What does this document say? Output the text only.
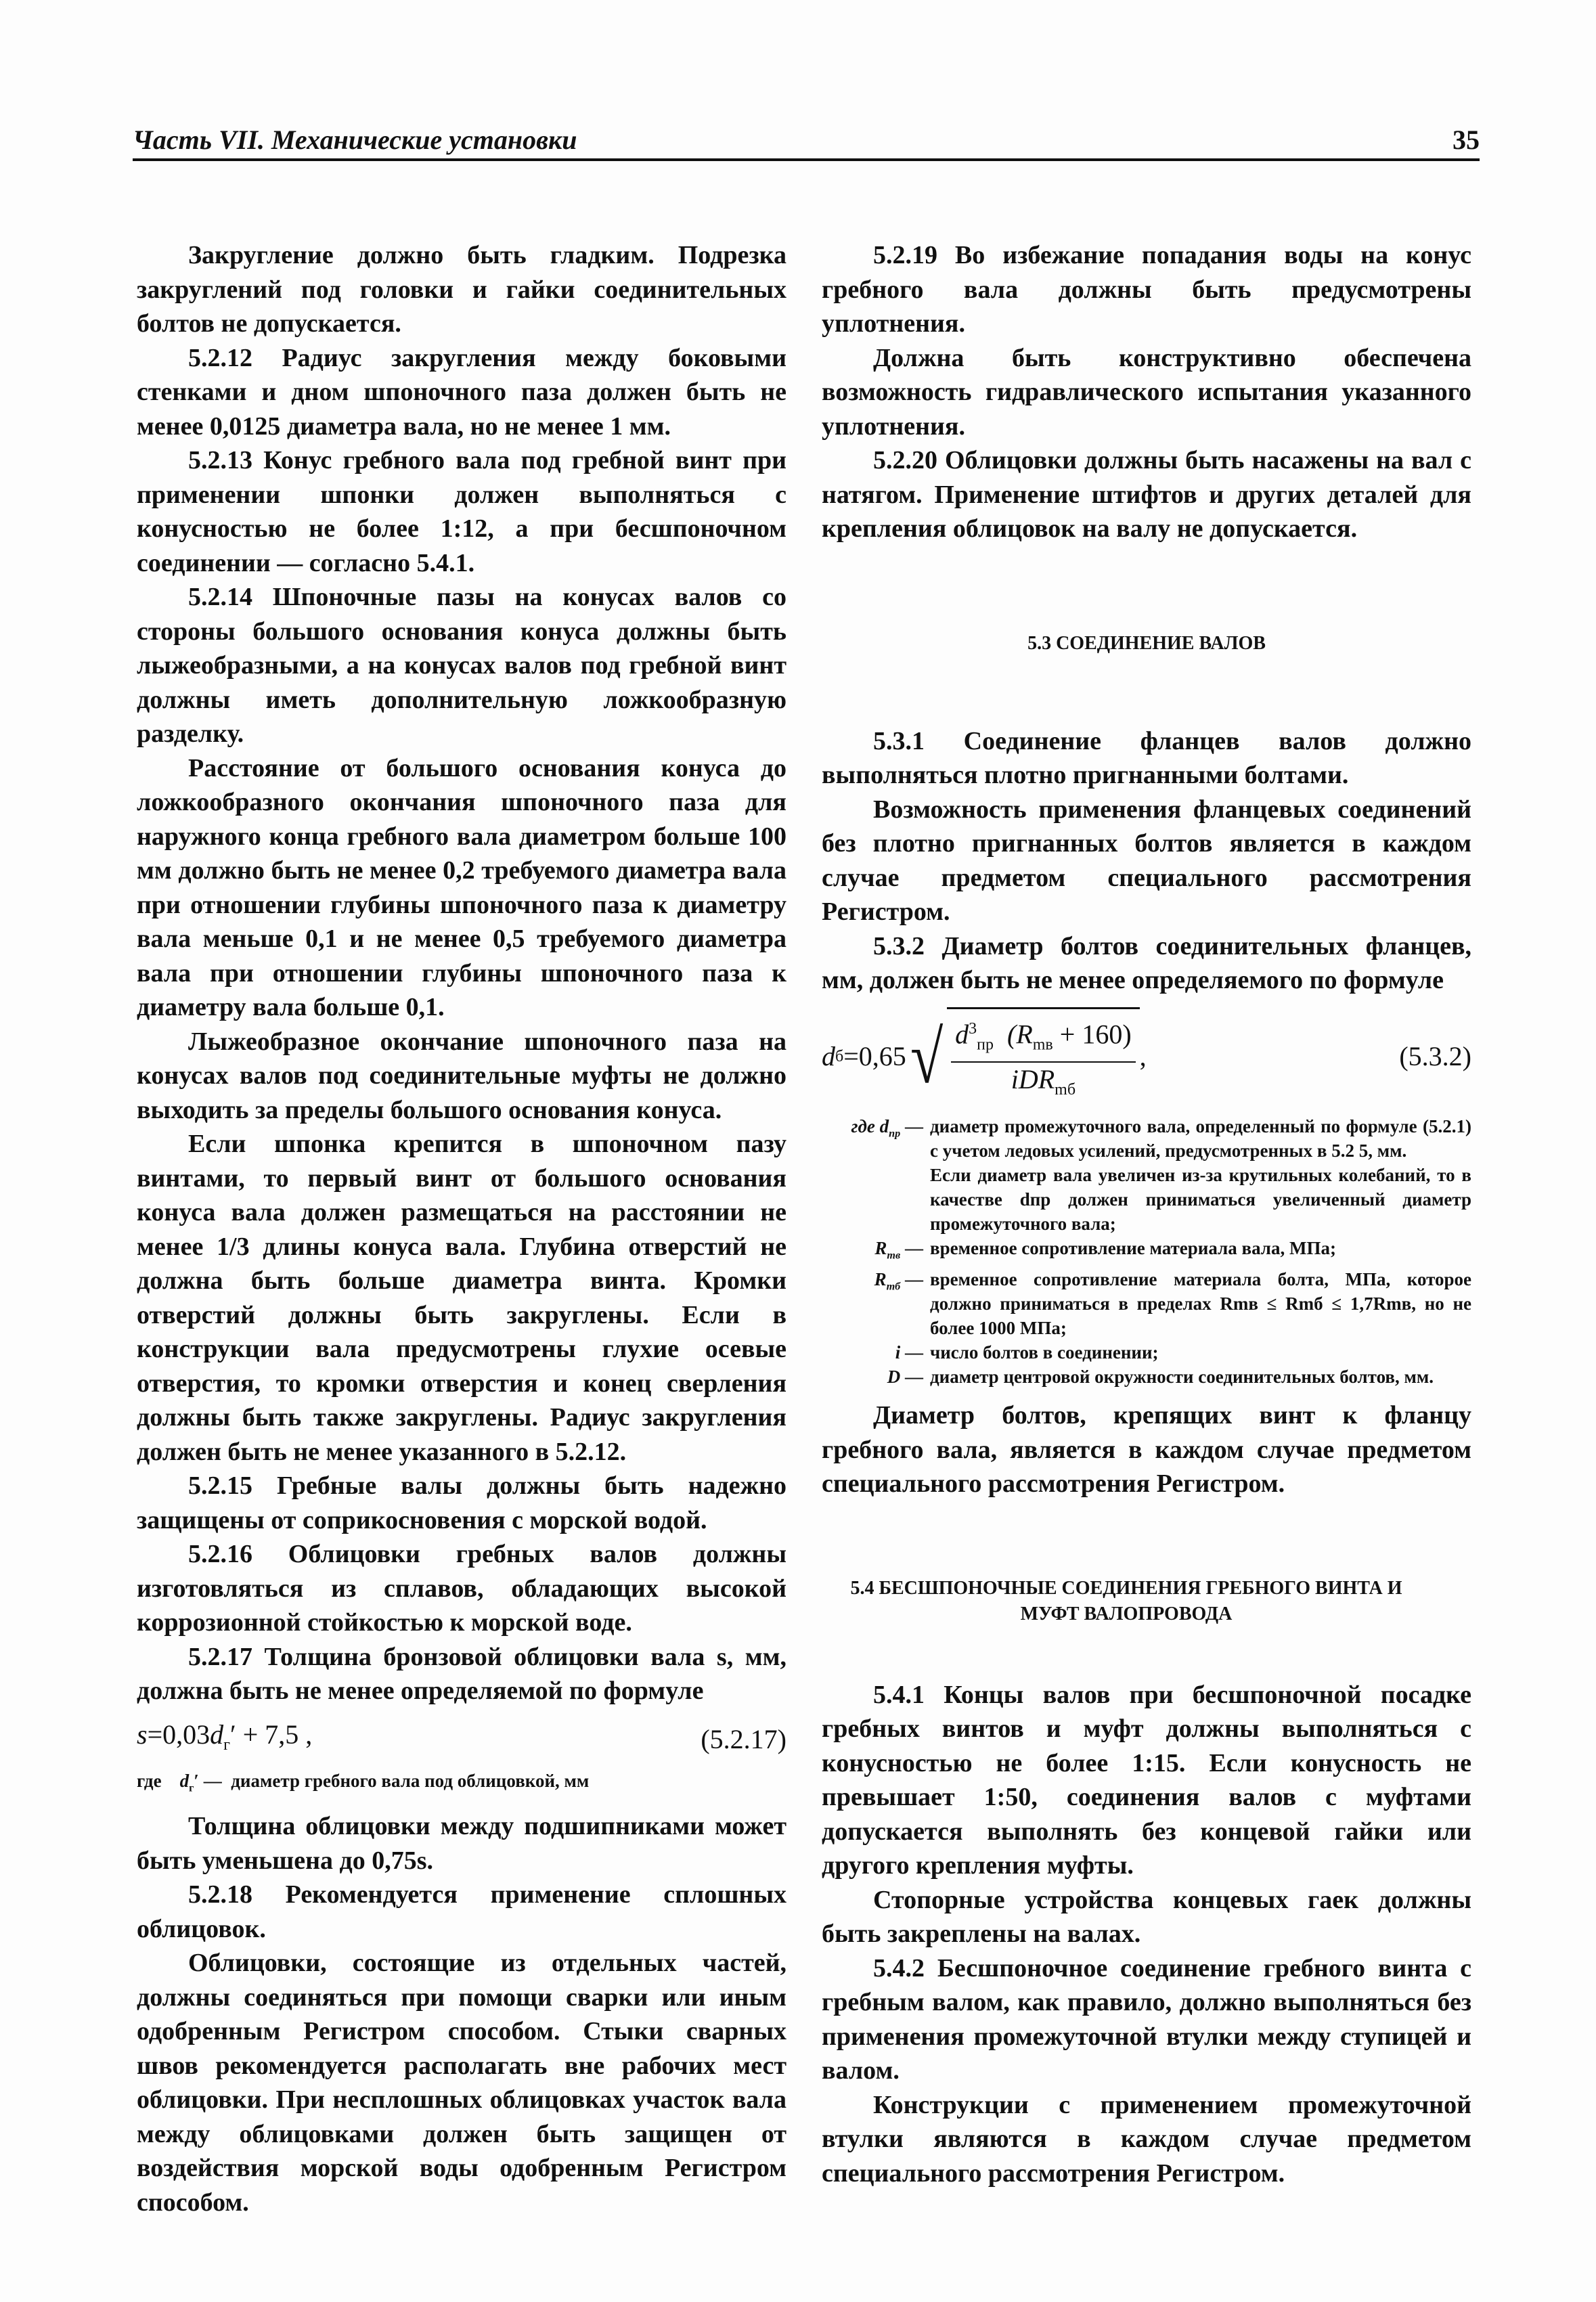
Часть VII. Механические установки	35

Закругление должно быть гладким. Подрезка закруглений под головки и гайки соединительных болтов не допускается.

5.2.12 Радиус закругления между боковыми стенками и дном шпоночного паза должен быть не менее 0,0125 диаметра вала, но не менее 1 мм.

5.2.13 Конус гребного вала под гребной винт при применении шпонки должен выполняться с конусностью не более 1:12, а при бесшпоночном соединении — согласно 5.4.1.

5.2.14 Шпоночные пазы на конусах валов со стороны большого основания конуса должны быть лыжеобразными, а на конусах валов под гребной винт должны иметь дополнительную ложкообразную разделку.

Расстояние от большого основания конуса до ложкообразного окончания шпоночного паза для наружного конца гребного вала диаметром больше 100 мм должно быть не менее 0,2 требуемого диаметра вала при отношении глубины шпоночного паза к диаметру вала меньше 0,1 и не менее 0,5 требуемого диаметра вала при отношении глубины шпоночного паза к диаметру вала больше 0,1.

Лыжеобразное окончание шпоночного паза на конусах валов под соединительные муфты не должно выходить за пределы большого основания конуса.

Если шпонка крепится в шпоночном пазу винтами, то первый винт от большого основания конуса вала должен размещаться на расстоянии не менее 1/3 длины конуса вала. Глубина отверстий не должна быть больше диаметра винта. Кромки отверстий должны быть закруглены. Если в конструкции вала предусмотрены глухие осевые отверстия, то кромки отверстия и конец сверления должны быть также закруглены. Радиус закругления должен быть не менее указанного в 5.2.12.

5.2.15 Гребные валы должны быть надежно защищены от соприкосновения с морской водой.

5.2.16 Облицовки гребных валов должны изготовляться из сплавов, обладающих высокой коррозионной стойкостью к морской воде.

5.2.17 Толщина бронзовой облицовки вала s, мм, должна быть не менее определяемой по формуле

$s=0,03d_г' + 7,5$ ,	(5.2.17)
где $d_г'$ — диаметр гребного вала под облицовкой, мм

Толщина облицовки между подшипниками может быть уменьшена до 0,75s.

5.2.18 Рекомендуется применение сплошных облицовок.

Облицовки, состоящие из отдельных частей, должны соединяться при помощи сварки или иным одобренным Регистром способом. Стыки сварных швов рекомендуется располагать вне рабочих мест облицовки. При несплошных облицовках участок вала между облицовками должен быть защищен от воздействия морской воды одобренным Регистром способом.

5.2.19 Во избежание попадания воды на конус гребного вала должны быть предусмотрены уплотнения.

Должна быть конструктивно обеспечена возможность гидравлического испытания указанного уплотнения.

5.2.20 Облицовки должны быть насажены на вал с натягом. Применение штифтов и других деталей для крепления облицовок на валу не допускается.

5.3 СОЕДИНЕНИЕ ВАЛОВ

5.3.1 Соединение фланцев валов должно выполняться плотно пригнанными болтами.

Возможность применения фланцевых соединений без плотно пригнанных болтов является в каждом случае предметом специального рассмотрения Регистром.

5.3.2 Диаметр болтов соединительных фланцев, мм, должен быть не менее определяемого по формуле

d б =0,65 √ $\frac{d^3_{пр} (R_{mв} + 160)}{iDR_{mб}}$ ,	(5.3.2)
где $d_{пр}$ — диаметр промежуточного вала, определенный по формуле (5.2.1) с учетом ледовых усилений, предусмотренных в 5.2 5, мм.
Если диаметр вала увеличен из-за крутильных колебаний, то в качестве dпр должен приниматься увеличенный диаметр промежуточного вала;
$R_{mв}$ — временное сопротивление материала вала, МПа;
$R_{mб}$ — временное сопротивление материала болта, МПа, которое должно приниматься в пределах Rmв ≤ Rmб ≤ 1,7Rmв, но не более 1000 МПа;
i — число болтов в соединении;
D — диаметр центровой окружности соединительных болтов, мм.

Диаметр болтов, крепящих винт к фланцу гребного вала, является в каждом случае предметом специального рассмотрения Регистром.

5.4 БЕСШПОНОЧНЫЕ СОЕДИНЕНИЯ ГРЕБНОГО ВИНТА И МУФТ ВАЛОПРОВОДА

5.4.1 Концы валов при бесшпоночной посадке гребных винтов и муфт должны выполняться с конусностью не более 1:15. Если конусность не превышает 1:50, соединения валов с муфтами допускается выполнять без концевой гайки или другого крепления муфты.

Стопорные устройства концевых гаек должны быть закреплены на валах.

5.4.2 Бесшпоночное соединение гребного винта с гребным валом, как правило, должно выполняться без применения промежуточной втулки между ступицей и валом.

Конструкции с применением промежуточной втулки являются в каждом случае предметом специального рассмотрения Регистром.
